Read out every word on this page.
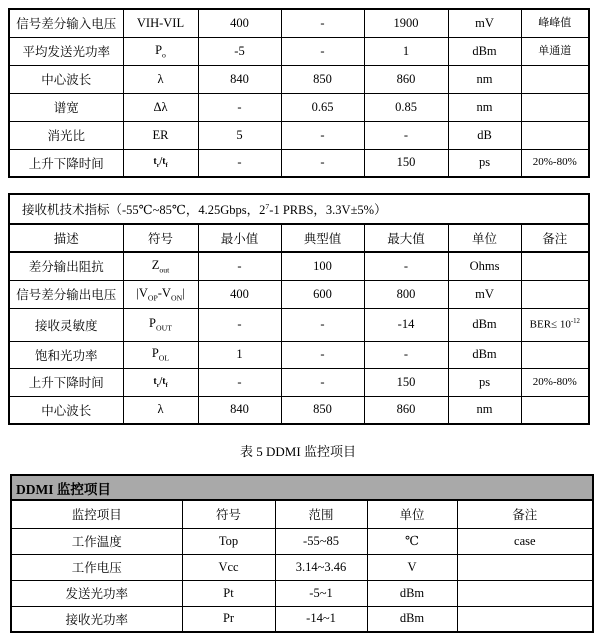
信号差分输入电压	VIH-VIL	400	-	1900	mV	峰峰值
平均发送光功率	$P_o$	-5	-	1	dBm	单通道
中心波长	λ	840	850	860	nm	
谱宽	Δλ	-	0.65	0.85	nm	
消光比	ER	5	-	-	dB	
上升下降时间	$t_r/t_f$	-	-	150	ps	20%-80%
接收机技术指标（-55℃~85℃，4.25Gbps，$2^7-1$ PRBS，3.3V±5%）						
描述	符号	最小值	典型值	最大值	单位	备注
差分输出阻抗	$Z_{out}$	-	100	-	Ohms	
信号差分输出电压	$|V_{OP}-V_{ON}|$	400	600	800	mV	
接收灵敏度	$P_{OUT}$	-	-	-14	dBm	$BER\le 10^{-12}$
饱和光功率	$P_{OL}$	1	-	-	dBm	
上升下降时间	$t_r/t_f$	-	-	150	ps	20%-80%
中心波长	λ	840	850	860	nm	
表 5 DDMI 监控项目
DDMI 监控项目				
监控项目	符号	范围	单位	备注
工作温度	Top	-55~85	℃	case
工作电压	Vcc	3.14~3.46	V	
发送光功率	Pt	-5~1	dBm	
接收光功率	Pr	-14~1	dBm	
